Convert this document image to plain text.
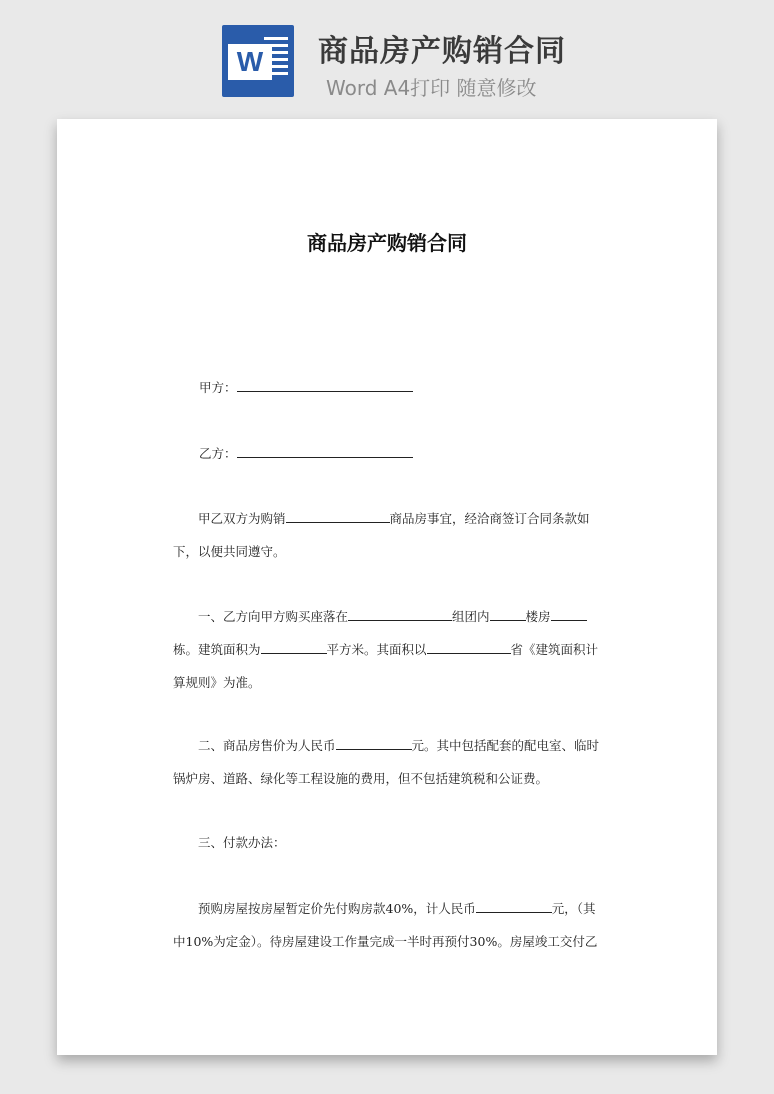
W 商品房产购销合同
Word A4打印 随意修改
商品房产购销合同
甲方：
乙方：

甲乙双方为购销	商品房事宜，经洽商签订合同条款如

下，以便共同遵守。

一、乙方向甲方购买座落在	组团内	楼房

栋。建筑面积为	平方米。其面积以	省《建筑面积计

算规则》为准。

二、商品房售价为人民币	元。其中包括配套的配电室、临时

锅炉房、道路、绿化等工程设施的费用，但不包括建筑税和公证费。

三、付款办法：

预购房屋按房屋暂定价先付购房款40%，计人民币	元，（其

中10%为定金）。待房屋建设工作量完成一半时再预付30%。房屋竣工交付乙
